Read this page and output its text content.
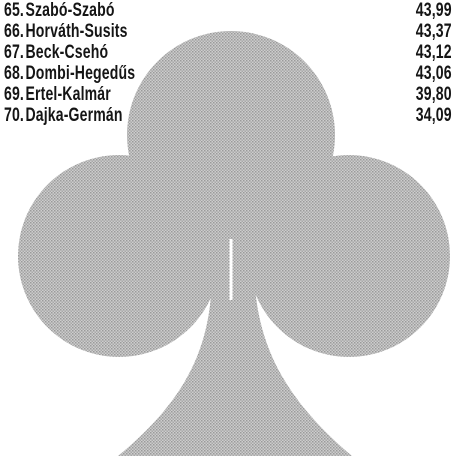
65.Szabó-Szabó	43,99
66.Horváth-Susits	43,37
67.Beck-Csehó	43,12
68.Dombi-Hegedűs	43,06
69.Ertel-Kalmár	39,80
70.Dajka-Germán	34,09
